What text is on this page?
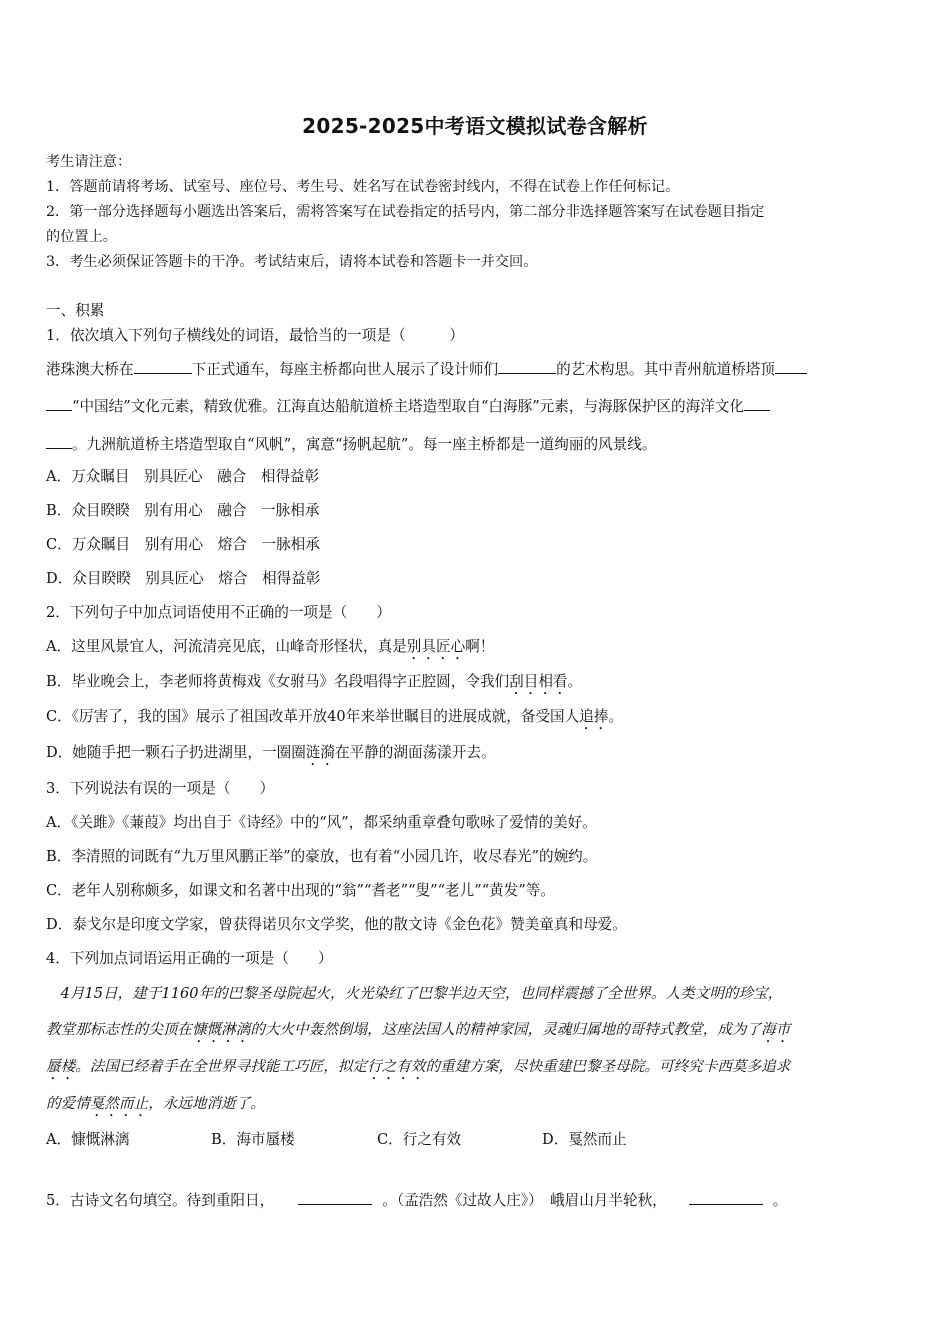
2025-2025中考语文模拟试卷含解析
考生请注意：
1．答题前请将考场、试室号、座位号、考生号、姓名写在试卷密封线内，不得在试卷上作任何标记。
2．第一部分选择题每小题选出答案后，需将答案写在试卷指定的括号内，第二部分非选择题答案写在试卷题目指定
的位置上。
3．考生必须保证答题卡的干净。考试结束后，请将本试卷和答题卡一并交回。
一、积累
1．依次填入下列句子横线处的词语，最恰当的一项是（　　　）
港珠澳大桥在	下正式通车，每座主桥都向世人展示了设计师们	的艺术构思。其中青州航道桥塔顶
“中国结”文化元素，精致优雅。江海直达船航道桥主塔造型取自“白海豚”元素，与海豚保护区的海洋文化
。九洲航道桥主塔造型取自“风帆”，寓意“扬帆起航”。每一座主桥都是一道绚丽的风景线。
A．万众瞩目　别具匠心　融合　相得益彰
B．众目睽睽　别有用心　融合　一脉相承
C．万众瞩目　别有用心　熔合　一脉相承
D．众目睽睽　别具匠心　熔合　相得益彰
2．下列句子中加点词语使用不正确的一项是（　　）
A．这里风景宜人，河流清亮见底，山峰奇形怪状，真是别具匠心啊！
B．毕业晚会上，李老师将黄梅戏《女驸马》名段唱得字正腔圆，令我们刮目相看。
C．《厉害了，我的国》展示了祖国改革开放40年来举世瞩目的进展成就，备受国人追捧。
D．她随手把一颗石子扔进湖里，一圈圈涟漪在平静的湖面荡漾开去。
3．下列说法有误的一项是（　　）
A．《关雎》《蒹葭》均出自于《诗经》中的“风”，都采纳重章叠句歌咏了爱情的美好。
B．李清照的词既有“九万里风鹏正举”的豪放，也有着“小园几许，收尽春光”的婉约。
C．老年人别称颇多，如课文和名著中出现的“翁”“耆老”“叟”“老儿”“黄发”等。
D．泰戈尔是印度文学家，曾获得诺贝尔文学奖，他的散文诗《金色花》赞美童真和母爱。
4．下列加点词语运用正确的一项是（　　）
　4月15日，建于1160年的巴黎圣母院起火，火光染红了巴黎半边天空，也同样震撼了全世界。人类文明的珍宝，
教堂那标志性的尖顶在慷慨淋漓的大火中轰然倒塌，这座法国人的精神家园，灵魂归属地的哥特式教堂，成为了海市
蜃楼。法国已经着手在全世界寻找能工巧匠，拟定行之有效的重建方案，尽快重建巴黎圣母院。可终究卡西莫多追求
的爱情戛然而止，永远地消逝了。
A．慷慨淋漓	B．海市蜃楼	C．行之有效	D．戛然而止
5．古诗文名句填空。待到重阳日，	。（孟浩然《过故人庄》）　峨眉山月半轮秋，	。
